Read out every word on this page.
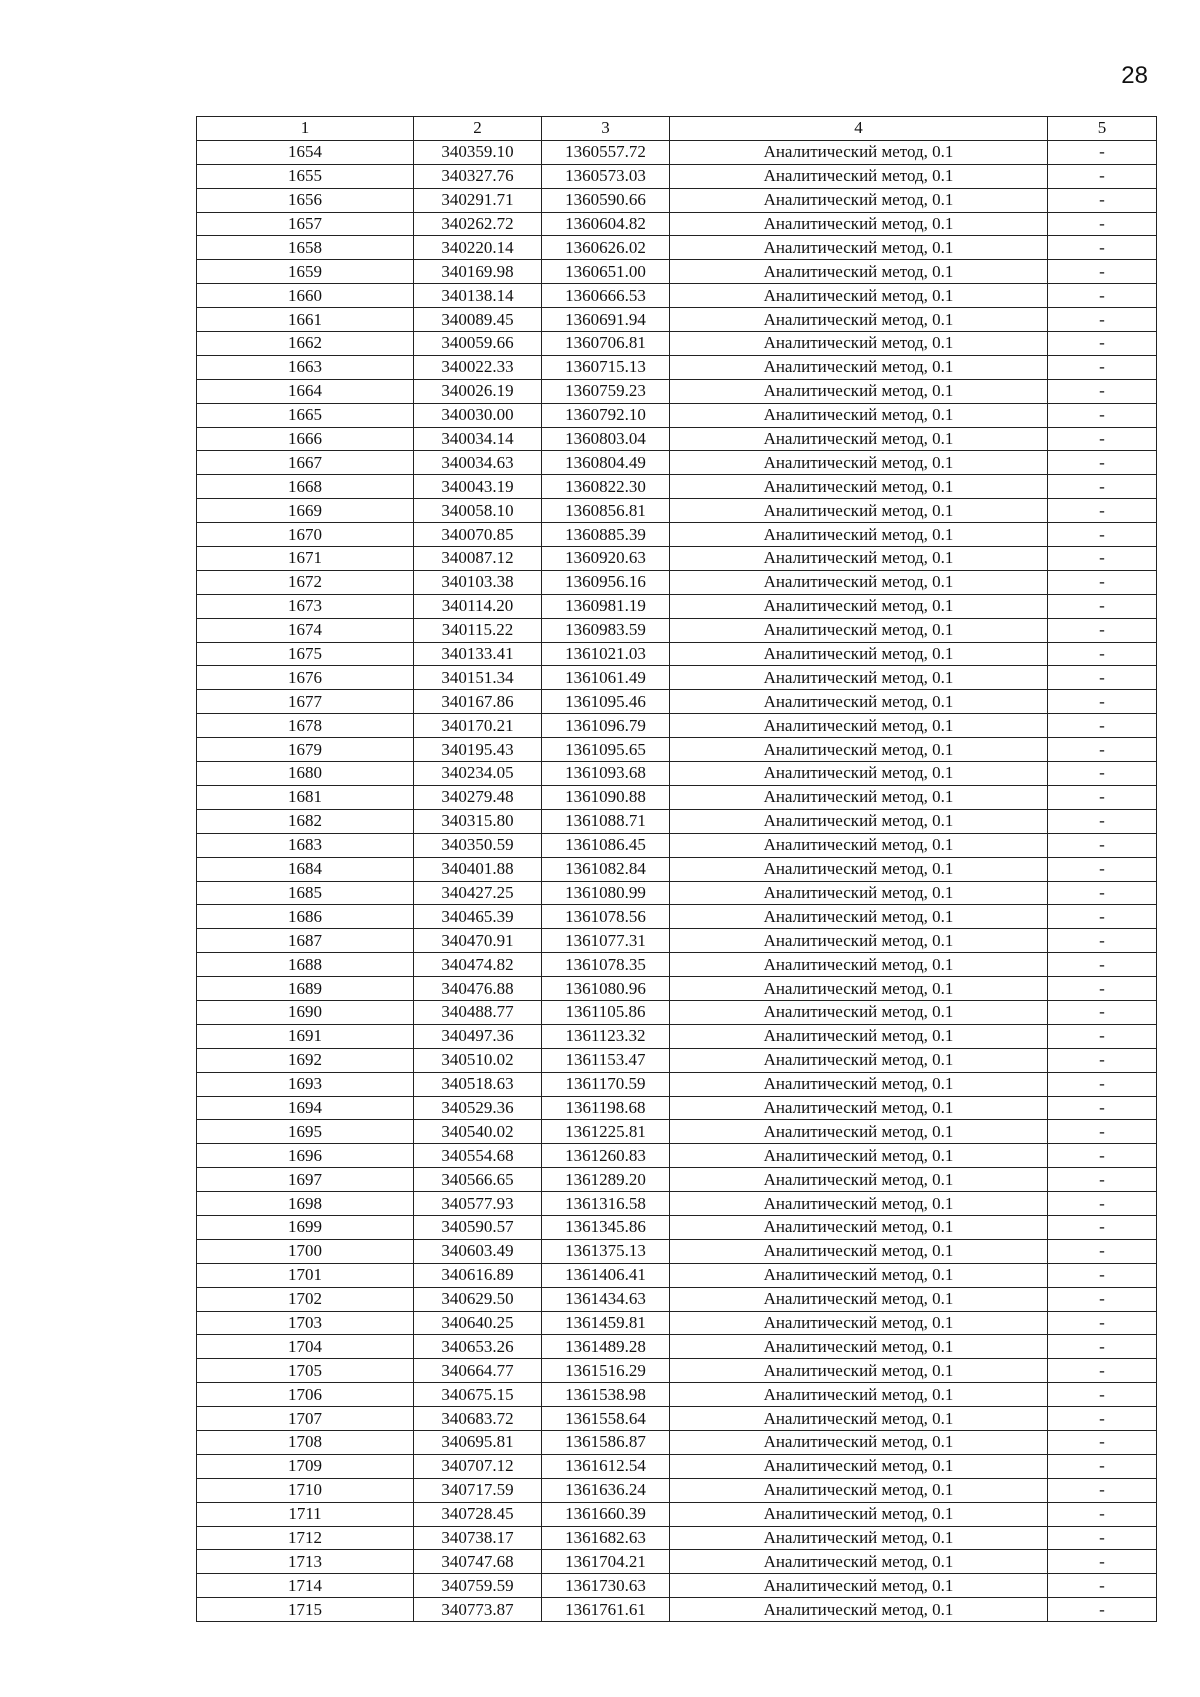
28
1	2	3	4	5
1654	340359.10	1360557.72	Аналитический метод, 0.1	-
1655	340327.76	1360573.03	Аналитический метод, 0.1	-
1656	340291.71	1360590.66	Аналитический метод, 0.1	-
1657	340262.72	1360604.82	Аналитический метод, 0.1	-
1658	340220.14	1360626.02	Аналитический метод, 0.1	-
1659	340169.98	1360651.00	Аналитический метод, 0.1	-
1660	340138.14	1360666.53	Аналитический метод, 0.1	-
1661	340089.45	1360691.94	Аналитический метод, 0.1	-
1662	340059.66	1360706.81	Аналитический метод, 0.1	-
1663	340022.33	1360715.13	Аналитический метод, 0.1	-
1664	340026.19	1360759.23	Аналитический метод, 0.1	-
1665	340030.00	1360792.10	Аналитический метод, 0.1	-
1666	340034.14	1360803.04	Аналитический метод, 0.1	-
1667	340034.63	1360804.49	Аналитический метод, 0.1	-
1668	340043.19	1360822.30	Аналитический метод, 0.1	-
1669	340058.10	1360856.81	Аналитический метод, 0.1	-
1670	340070.85	1360885.39	Аналитический метод, 0.1	-
1671	340087.12	1360920.63	Аналитический метод, 0.1	-
1672	340103.38	1360956.16	Аналитический метод, 0.1	-
1673	340114.20	1360981.19	Аналитический метод, 0.1	-
1674	340115.22	1360983.59	Аналитический метод, 0.1	-
1675	340133.41	1361021.03	Аналитический метод, 0.1	-
1676	340151.34	1361061.49	Аналитический метод, 0.1	-
1677	340167.86	1361095.46	Аналитический метод, 0.1	-
1678	340170.21	1361096.79	Аналитический метод, 0.1	-
1679	340195.43	1361095.65	Аналитический метод, 0.1	-
1680	340234.05	1361093.68	Аналитический метод, 0.1	-
1681	340279.48	1361090.88	Аналитический метод, 0.1	-
1682	340315.80	1361088.71	Аналитический метод, 0.1	-
1683	340350.59	1361086.45	Аналитический метод, 0.1	-
1684	340401.88	1361082.84	Аналитический метод, 0.1	-
1685	340427.25	1361080.99	Аналитический метод, 0.1	-
1686	340465.39	1361078.56	Аналитический метод, 0.1	-
1687	340470.91	1361077.31	Аналитический метод, 0.1	-
1688	340474.82	1361078.35	Аналитический метод, 0.1	-
1689	340476.88	1361080.96	Аналитический метод, 0.1	-
1690	340488.77	1361105.86	Аналитический метод, 0.1	-
1691	340497.36	1361123.32	Аналитический метод, 0.1	-
1692	340510.02	1361153.47	Аналитический метод, 0.1	-
1693	340518.63	1361170.59	Аналитический метод, 0.1	-
1694	340529.36	1361198.68	Аналитический метод, 0.1	-
1695	340540.02	1361225.81	Аналитический метод, 0.1	-
1696	340554.68	1361260.83	Аналитический метод, 0.1	-
1697	340566.65	1361289.20	Аналитический метод, 0.1	-
1698	340577.93	1361316.58	Аналитический метод, 0.1	-
1699	340590.57	1361345.86	Аналитический метод, 0.1	-
1700	340603.49	1361375.13	Аналитический метод, 0.1	-
1701	340616.89	1361406.41	Аналитический метод, 0.1	-
1702	340629.50	1361434.63	Аналитический метод, 0.1	-
1703	340640.25	1361459.81	Аналитический метод, 0.1	-
1704	340653.26	1361489.28	Аналитический метод, 0.1	-
1705	340664.77	1361516.29	Аналитический метод, 0.1	-
1706	340675.15	1361538.98	Аналитический метод, 0.1	-
1707	340683.72	1361558.64	Аналитический метод, 0.1	-
1708	340695.81	1361586.87	Аналитический метод, 0.1	-
1709	340707.12	1361612.54	Аналитический метод, 0.1	-
1710	340717.59	1361636.24	Аналитический метод, 0.1	-
1711	340728.45	1361660.39	Аналитический метод, 0.1	-
1712	340738.17	1361682.63	Аналитический метод, 0.1	-
1713	340747.68	1361704.21	Аналитический метод, 0.1	-
1714	340759.59	1361730.63	Аналитический метод, 0.1	-
1715	340773.87	1361761.61	Аналитический метод, 0.1	-
